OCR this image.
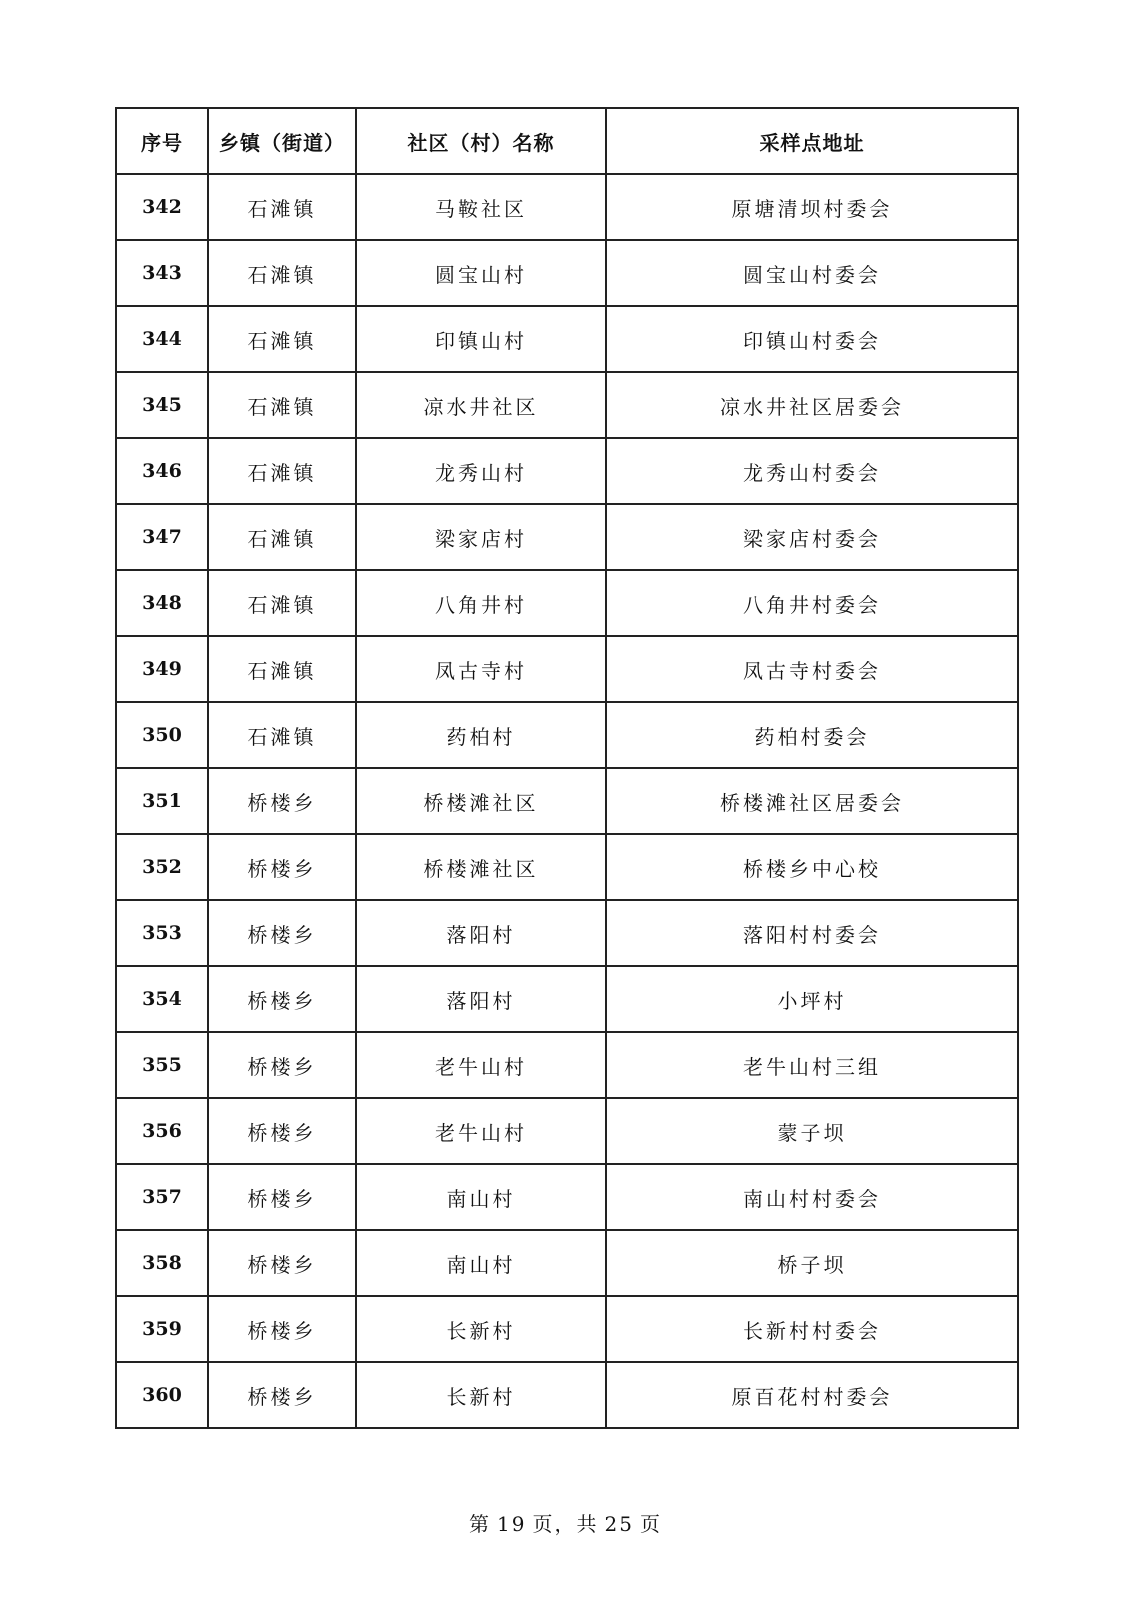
序号	乡镇（街道）	社区（村）名称	采样点地址
342	石滩镇	马鞍社区	原塘清坝村委会
343	石滩镇	圆宝山村	圆宝山村委会
344	石滩镇	印镇山村	印镇山村委会
345	石滩镇	凉水井社区	凉水井社区居委会
346	石滩镇	龙秀山村	龙秀山村委会
347	石滩镇	梁家店村	梁家店村委会
348	石滩镇	八角井村	八角井村委会
349	石滩镇	凤古寺村	凤古寺村委会
350	石滩镇	药柏村	药柏村委会
351	桥楼乡	桥楼滩社区	桥楼滩社区居委会
352	桥楼乡	桥楼滩社区	桥楼乡中心校
353	桥楼乡	落阳村	落阳村村委会
354	桥楼乡	落阳村	小坪村
355	桥楼乡	老牛山村	老牛山村三组
356	桥楼乡	老牛山村	蒙子坝
357	桥楼乡	南山村	南山村村委会
358	桥楼乡	南山村	桥子坝
359	桥楼乡	长新村	长新村村委会
360	桥楼乡	长新村	原百花村村委会
第 19 页，共 25 页
